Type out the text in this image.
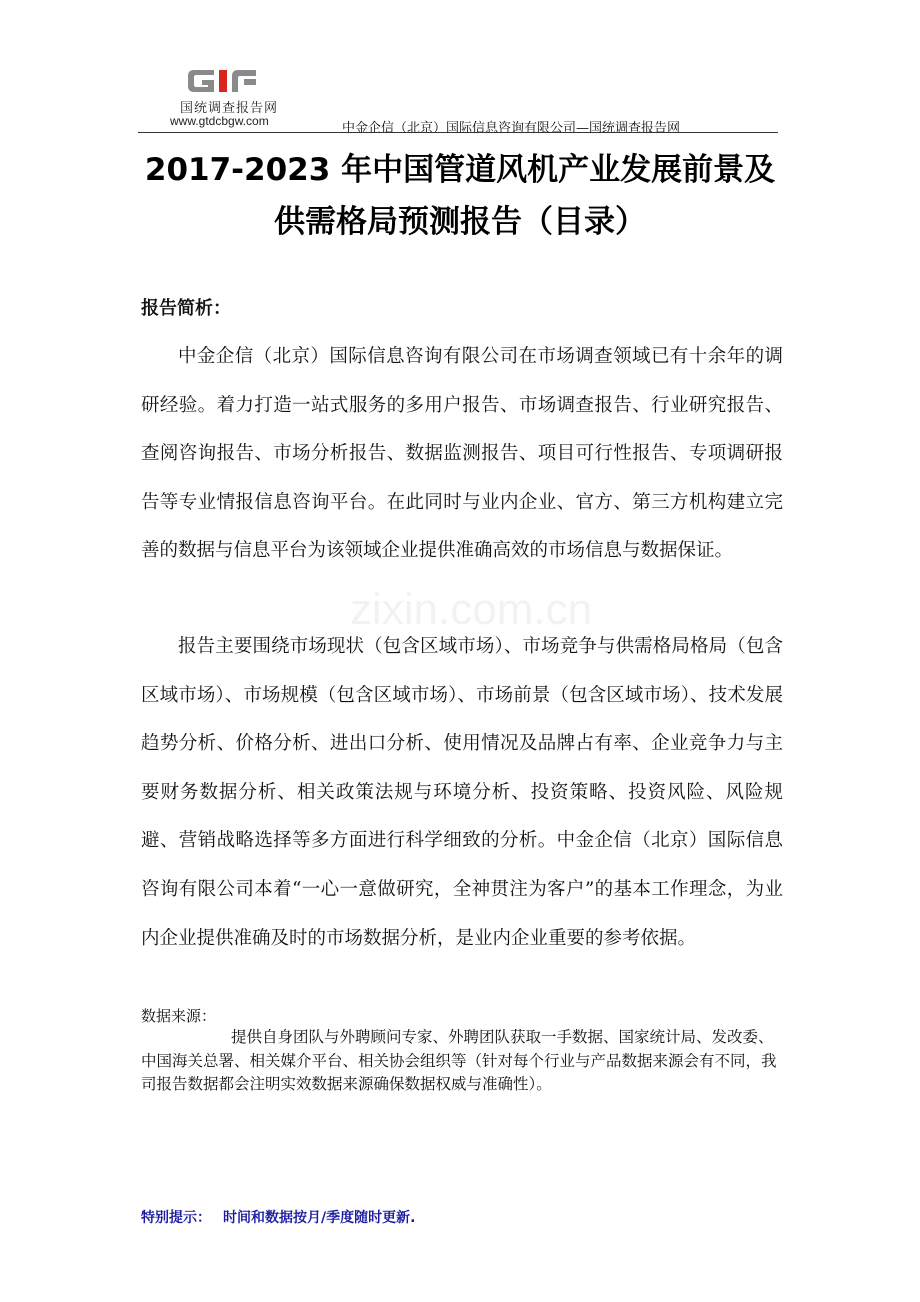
国统调查报告网
www.gtdcbgw.com	中金企信（北京）国际信息咨询有限公司—国统调查报告网
2017-2023 年中国管道风机产业发展前景及
供需格局预测报告（目录）
报告简析：

中金企信（北京）国际信息咨询有限公司在市场调查领域已有十余年的调研经验。着力打造一站式服务的多用户报告、市场调查报告、行业研究报告、查阅咨询报告、市场分析报告、数据监测报告、项目可行性报告、专项调研报告等专业情报信息咨询平台。在此同时与业内企业、官方、第三方机构建立完善的数据与信息平台为该领域企业提供准确高效的市场信息与数据保证。

zixin.com.cn

报告主要围绕市场现状（包含区域市场）、市场竞争与供需格局格局（包含区域市场）、市场规模（包含区域市场）、市场前景（包含区域市场）、技术发展趋势分析、价格分析、进出口分析、使用情况及品牌占有率、企业竞争力与主要财务数据分析、相关政策法规与环境分析、投资策略、投资风险、风险规避、营销战略选择等多方面进行科学细致的分析。中金企信（北京）国际信息咨询有限公司本着“一心一意做研究，全神贯注为客户”的基本工作理念，为业内企业提供准确及时的市场数据分析，是业内企业重要的参考依据。

数据来源：

提供自身团队与外聘顾问专家、外聘团队获取一手数据、国家统计局、发改委、中国海关总署、相关媒介平台、相关协会组织等（针对每个行业与产品数据来源会有不同，我司报告数据都会注明实效数据来源确保数据权威与准确性）。

特别提示： 时间和数据按月/季度随时更新.
